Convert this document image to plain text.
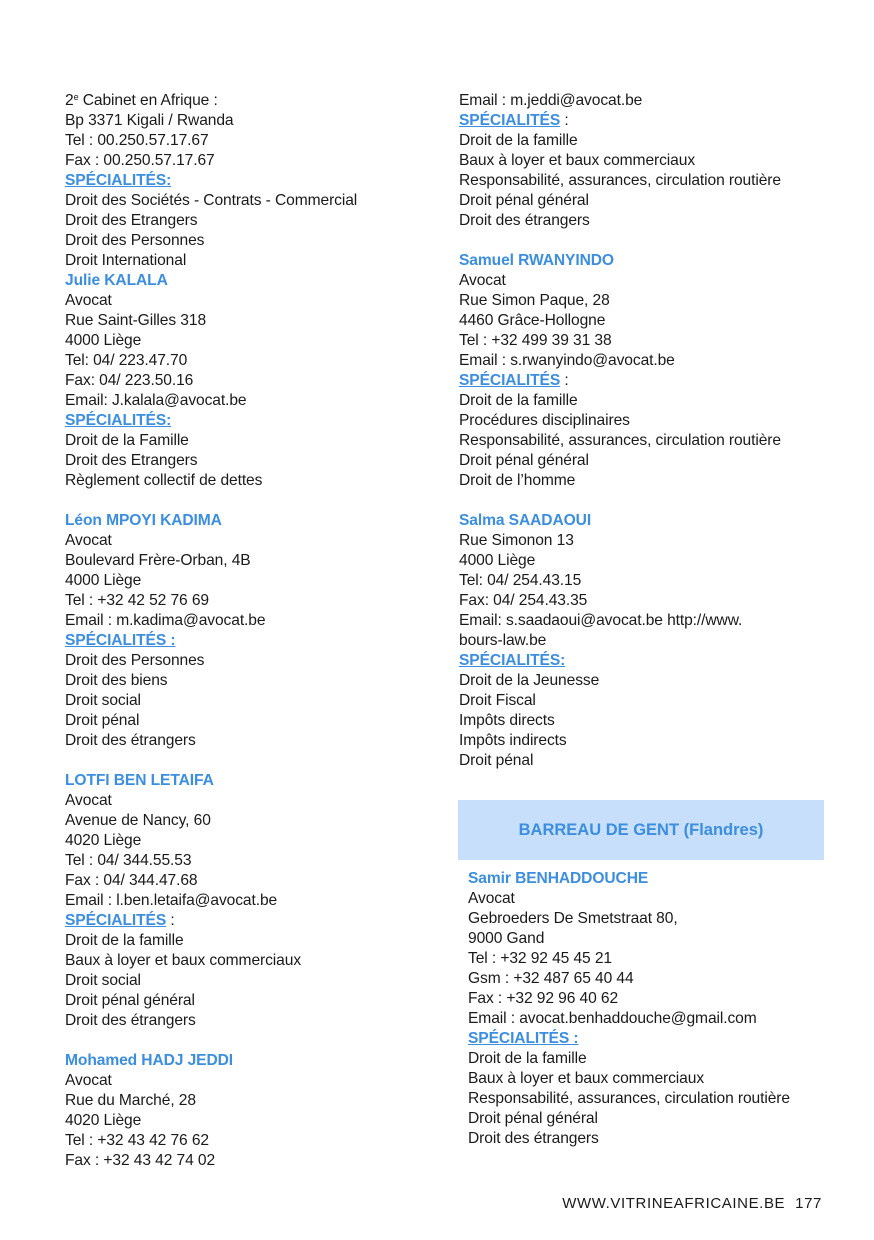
2e Cabinet en Afrique :
Bp 3371 Kigali / Rwanda
Tel : 00.250.57.17.67
Fax : 00.250.57.17.67
SPÉCIALITÉS:
Droit des Sociétés - Contrats - Commercial
Droit des Etrangers
Droit des Personnes
Droit International
Julie KALALA
Avocat
Rue Saint-Gilles 318
4000 Liège
Tel: 04/ 223.47.70
Fax: 04/ 223.50.16
Email: J.kalala@avocat.be
SPÉCIALITÉS:
Droit de la Famille
Droit des Etrangers
Règlement collectif de dettes
Léon MPOYI KADIMA
Avocat
Boulevard Frère-Orban, 4B
4000 Liège
Tel : +32 42 52 76 69
Email : m.kadima@avocat.be
SPÉCIALITÉS :
Droit des Personnes
Droit des biens
Droit social
Droit pénal
Droit des étrangers
LOTFI BEN LETAIFA
Avocat
Avenue de Nancy, 60
4020 Liège
Tel : 04/ 344.55.53
Fax : 04/ 344.47.68
Email : l.ben.letaifa@avocat.be
SPÉCIALITÉS :
Droit de la famille
Baux à loyer et baux commerciaux
Droit social
Droit pénal général
Droit des étrangers
Mohamed HADJ JEDDI
Avocat
Rue du Marché, 28
4020 Liège
Tel : +32 43 42 76 62
Fax : +32 43 42 74 02
Email : m.jeddi@avocat.be
SPÉCIALITÉS :
Droit de la famille
Baux à loyer et baux commerciaux
Responsabilité, assurances, circulation routière
Droit pénal général
Droit des étrangers
Samuel RWANYINDO
Avocat
Rue Simon Paque, 28
4460 Grâce-Hollogne
Tel : +32 499 39 31 38
Email : s.rwanyindo@avocat.be
SPÉCIALITÉS :
Droit de la famille
Procédures disciplinaires
Responsabilité, assurances, circulation routière
Droit pénal général
Droit de l’homme
Salma SAADAOUI
Rue Simonon 13
4000 Liège
Tel: 04/ 254.43.15
Fax: 04/ 254.43.35
Email: s.saadaoui@avocat.be http://www.
bours-law.be
SPÉCIALITÉS:
Droit de la Jeunesse
Droit Fiscal
Impôts directs
Impôts indirects
Droit pénal
BARREAU DE GENT (Flandres)
Samir BENHADDOUCHE
Avocat
Gebroeders De Smetstraat 80,
9000 Gand
Tel : +32 92 45 45 21
Gsm : +32 487 65 40 44
Fax : +32 92 96 40 62
Email : avocat.benhaddouche@gmail.com
SPÉCIALITÉS :
Droit de la famille
Baux à loyer et baux commerciaux
Responsabilité, assurances, circulation routière
Droit pénal général
Droit des étrangers
WWW.VITRINEAFRICAINE.BE 177
